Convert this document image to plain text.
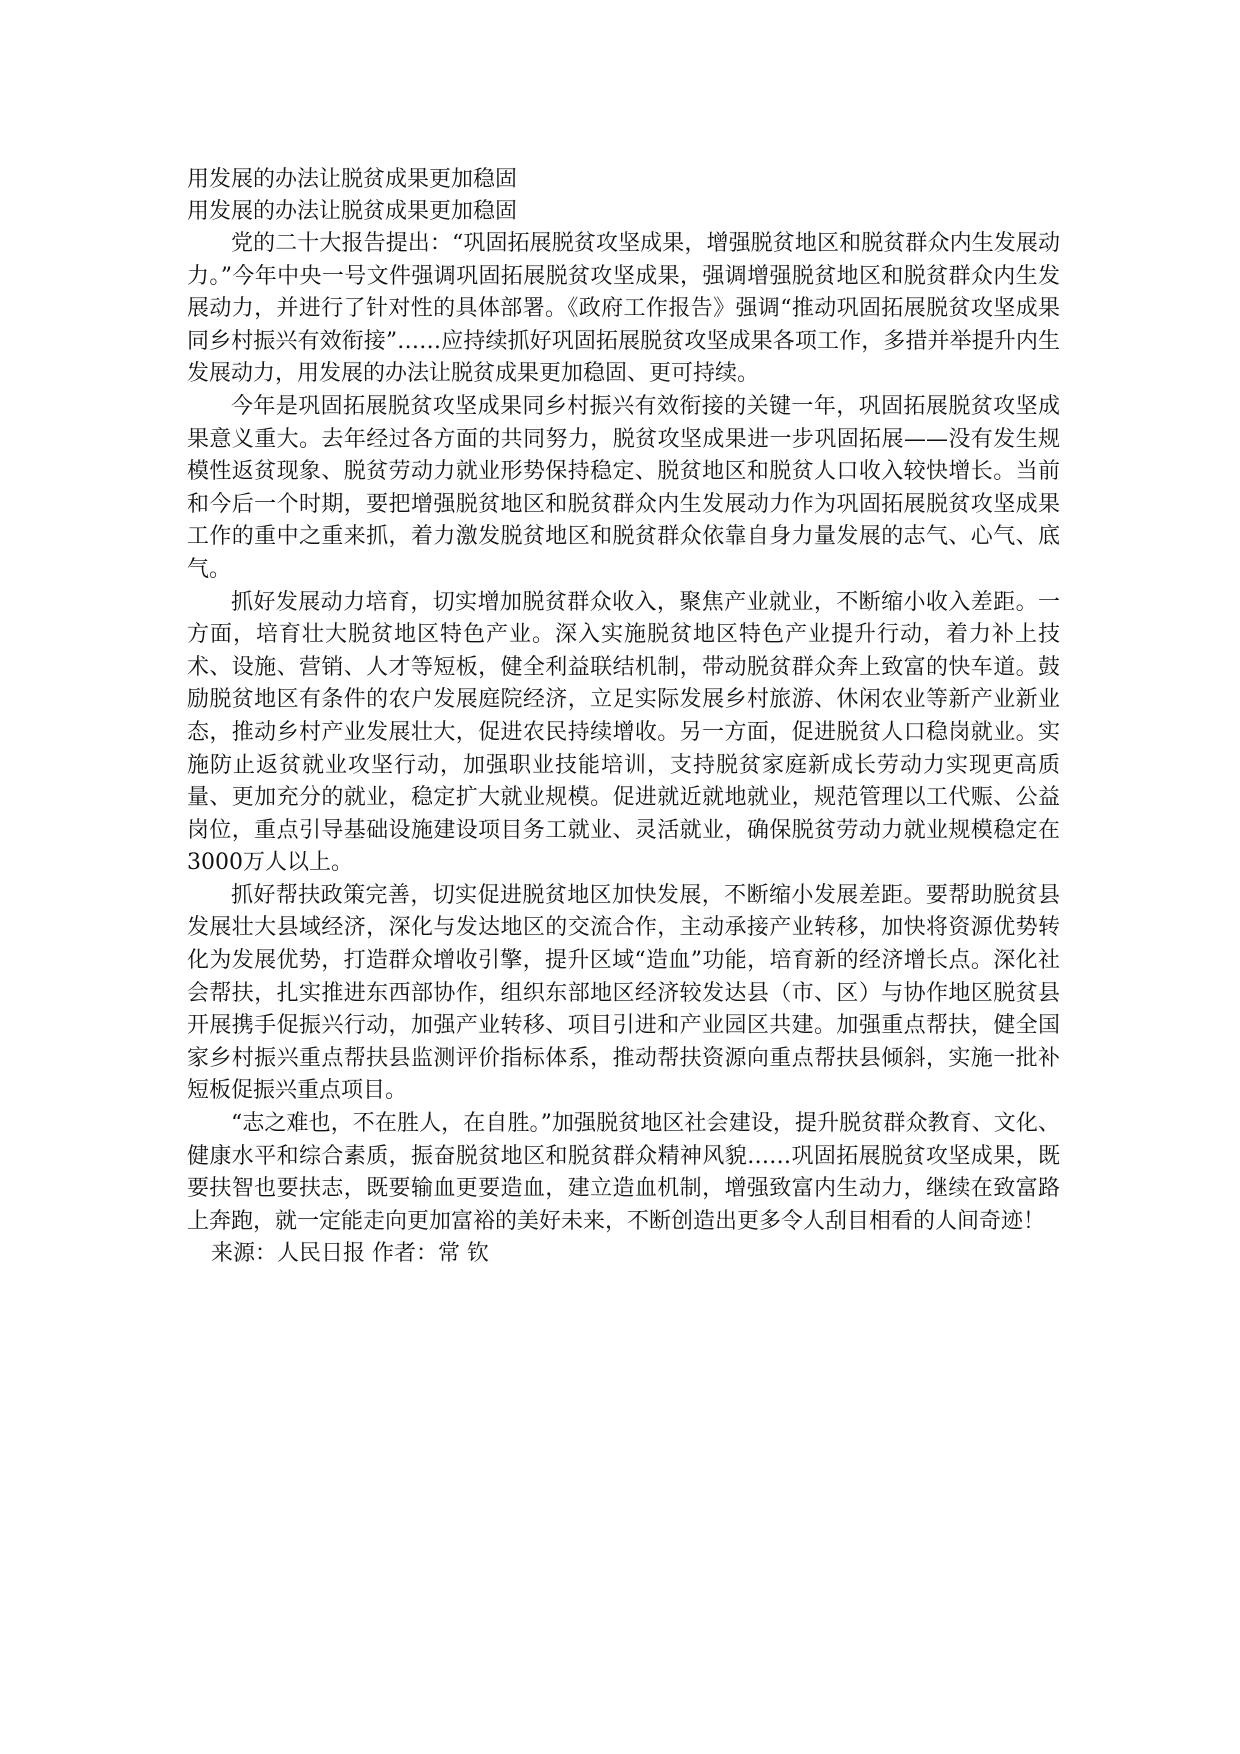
用发展的办法让脱贫成果更加稳固
用发展的办法让脱贫成果更加稳固

党的二十大报告提出：“巩固拓展脱贫攻坚成果，增强脱贫地区和脱贫群众内生发展动力。”今年中央一号文件强调巩固拓展脱贫攻坚成果，强调增强脱贫地区和脱贫群众内生发展动力，并进行了针对性的具体部署。《政府工作报告》强调“推动巩固拓展脱贫攻坚成果同乡村振兴有效衔接”……应持续抓好巩固拓展脱贫攻坚成果各项工作，多措并举提升内生发展动力，用发展的办法让脱贫成果更加稳固、更可持续。

今年是巩固拓展脱贫攻坚成果同乡村振兴有效衔接的关键一年，巩固拓展脱贫攻坚成果意义重大。去年经过各方面的共同努力，脱贫攻坚成果进一步巩固拓展——没有发生规模性返贫现象、脱贫劳动力就业形势保持稳定、脱贫地区和脱贫人口收入较快增长。当前和今后一个时期，要把增强脱贫地区和脱贫群众内生发展动力作为巩固拓展脱贫攻坚成果工作的重中之重来抓，着力激发脱贫地区和脱贫群众依靠自身力量发展的志气、心气、底气。

抓好发展动力培育，切实增加脱贫群众收入，聚焦产业就业，不断缩小收入差距。一方面，培育壮大脱贫地区特色产业。深入实施脱贫地区特色产业提升行动，着力补上技术、设施、营销、人才等短板，健全利益联结机制，带动脱贫群众奔上致富的快车道。鼓励脱贫地区有条件的农户发展庭院经济，立足实际发展乡村旅游、休闲农业等新产业新业态，推动乡村产业发展壮大，促进农民持续增收。另一方面，促进脱贫人口稳岗就业。实施防止返贫就业攻坚行动，加强职业技能培训，支持脱贫家庭新成长劳动力实现更高质量、更加充分的就业，稳定扩大就业规模。促进就近就地就业，规范管理以工代赈、公益岗位，重点引导基础设施建设项目务工就业、灵活就业，确保脱贫劳动力就业规模稳定在3000万人以上。

抓好帮扶政策完善，切实促进脱贫地区加快发展，不断缩小发展差距。要帮助脱贫县发展壮大县域经济，深化与发达地区的交流合作，主动承接产业转移，加快将资源优势转化为发展优势，打造群众增收引擎，提升区域“造血”功能，培育新的经济增长点。深化社会帮扶，扎实推进东西部协作，组织东部地区经济较发达县（市、区）与协作地区脱贫县开展携手促振兴行动，加强产业转移、项目引进和产业园区共建。加强重点帮扶，健全国家乡村振兴重点帮扶县监测评价指标体系，推动帮扶资源向重点帮扶县倾斜，实施一批补短板促振兴重点项目。

“志之难也，不在胜人，在自胜。”加强脱贫地区社会建设，提升脱贫群众教育、文化、健康水平和综合素质，振奋脱贫地区和脱贫群众精神风貌……巩固拓展脱贫攻坚成果，既要扶智也要扶志，既要输血更要造血，建立造血机制，增强致富内生动力，继续在致富路上奔跑，就一定能走向更加富裕的美好未来，不断创造出更多令人刮目相看的人间奇迹！

来源：人民日报 作者：常 钦
